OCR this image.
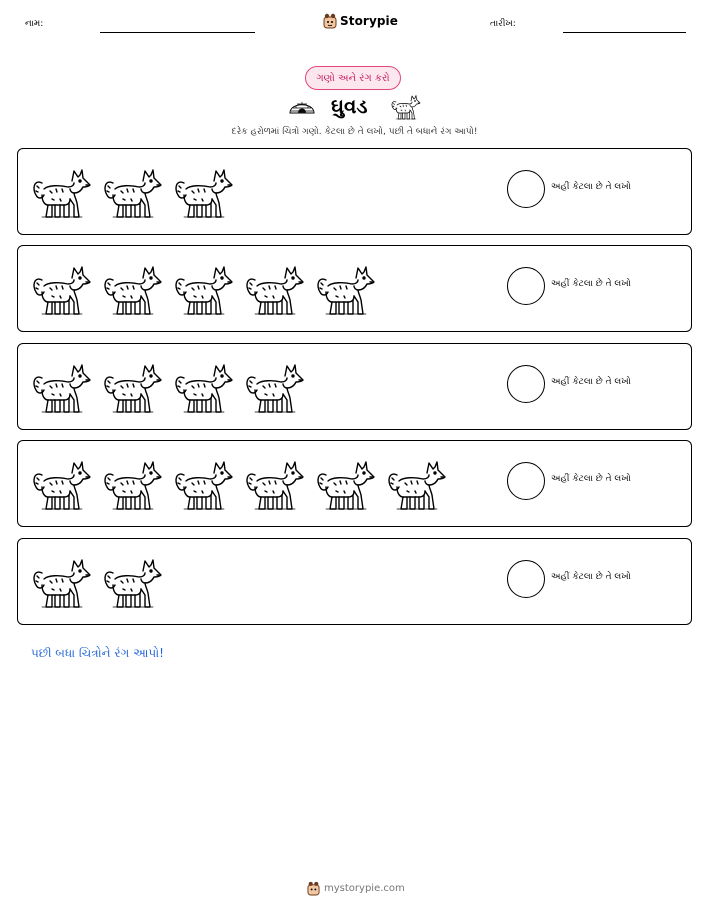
નામ:	Storypie	તારીખ:
ગણો અને રંગ કરો
ઘુવડ
દરેક હરોળમાં ચિત્રો ગણો. કેટલા છે તે લખો, પછી તે બધાને રંગ આપો!
અહીં કેટલા છે તે લખો
અહીં કેટલા છે તે લખો
અહીં કેટલા છે તે લખો
અહીં કેટલા છે તે લખો
અહીં કેટલા છે તે લખો
પછી બધા ચિત્રોને રંગ આપો!
mystorypie.com
